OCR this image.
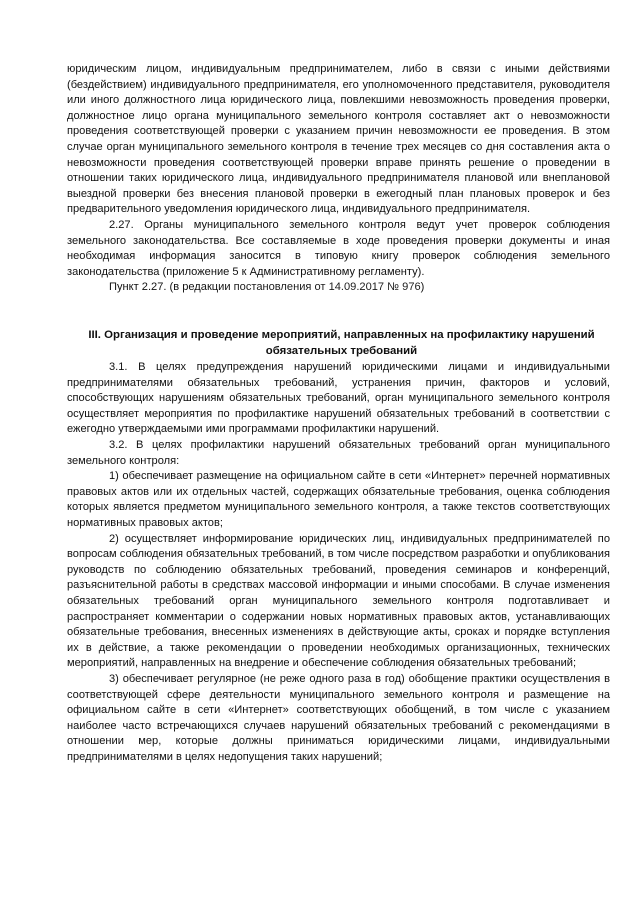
юридическим лицом, индивидуальным предпринимателем, либо в связи с иными действиями (бездействием) индивидуального предпринимателя, его уполномоченного представителя, руководителя или иного должностного лица юридического лица, повлекшими невозможность проведения проверки, должностное лицо органа муниципального земельного контроля составляет акт о невозможности проведения соответствующей проверки с указанием причин невозможности ее проведения. В этом случае орган муниципального земельного контроля в течение трех месяцев со дня составления акта о невозможности проведения соответствующей проверки вправе принять решение о проведении в отношении таких юридического лица, индивидуального предпринимателя плановой или внеплановой выездной проверки без внесения плановой проверки в ежегодный план плановых проверок и без предварительного уведомления юридического лица, индивидуального предпринимателя.

2.27. Органы муниципального земельного контроля ведут учет проверок соблюдения земельного законодательства. Все составляемые в ходе проведения проверки документы и иная необходимая информация заносится в типовую книгу проверок соблюдения земельного законодательства (приложение 5 к Административному регламенту).

Пункт 2.27. (в редакции постановления от 14.09.2017 № 976)

III. Организация и проведение мероприятий, направленных на профилактику нарушений обязательных требований

3.1. В целях предупреждения нарушений юридическими лицами и индивидуальными предпринимателями обязательных требований, устранения причин, факторов и условий, способствующих нарушениям обязательных требований, орган муниципального земельного контроля осуществляет мероприятия по профилактике нарушений обязательных требований в соответствии с ежегодно утверждаемыми ими программами профилактики нарушений.

3.2. В целях профилактики нарушений обязательных требований орган муниципального земельного контроля:

1) обеспечивает размещение на официальном сайте в сети «Интернет» перечней нормативных правовых актов или их отдельных частей, содержащих обязательные требования, оценка соблюдения которых является предметом муниципального земельного контроля, а также текстов соответствующих нормативных правовых актов;

2) осуществляет информирование юридических лиц, индивидуальных предпринимателей по вопросам соблюдения обязательных требований, в том числе посредством разработки и опубликования руководств по соблюдению обязательных требований, проведения семинаров и конференций, разъяснительной работы в средствах массовой информации и иными способами. В случае изменения обязательных требований орган муниципального земельного контроля подготавливает и распространяет комментарии о содержании новых нормативных правовых актов, устанавливающих обязательные требования, внесенных изменениях в действующие акты, сроках и порядке вступления их в действие, а также рекомендации о проведении необходимых организационных, технических мероприятий, направленных на внедрение и обеспечение соблюдения обязательных требований;

3) обеспечивает регулярное (не реже одного раза в год) обобщение практики осуществления в соответствующей сфере деятельности муниципального земельного контроля и размещение на официальном сайте в сети «Интернет» соответствующих обобщений, в том числе с указанием наиболее часто встречающихся случаев нарушений обязательных требований с рекомендациями в отношении мер, которые должны приниматься юридическими лицами, индивидуальными предпринимателями в целях недопущения таких нарушений;
